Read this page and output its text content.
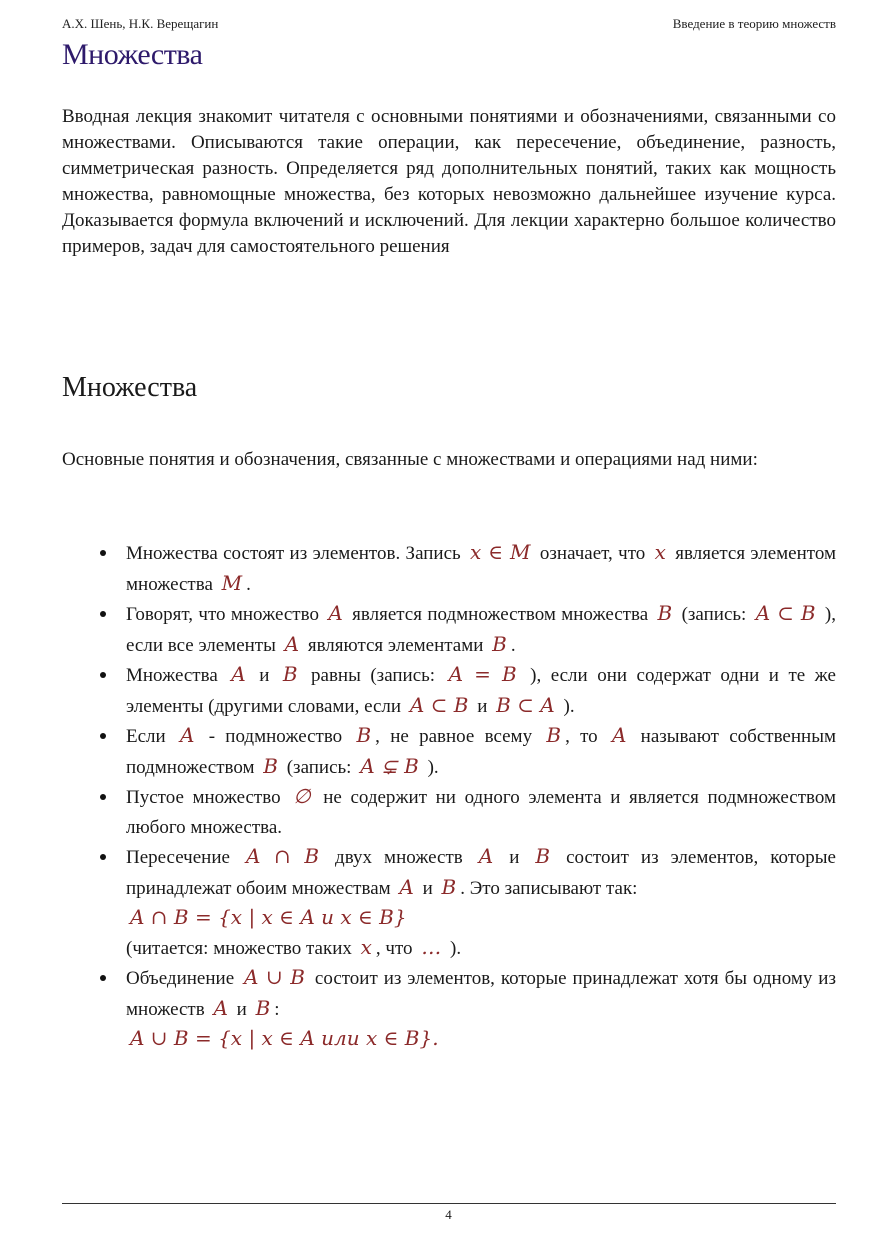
А.Х. Шень, Н.К. Верещагин	Введение в теорию множеств
Множества

Вводная лекция знакомит читателя с основными понятиями и обозначениями, связанными со множествами. Описываются такие операции, как пересечение, объединение, разность, симметрическая разность. Определяется ряд дополнительных понятий, таких как мощность множества, равномощные множества, без которых невозможно дальнейшее изучение курса. Доказывается формула включений и исключений. Для лекции характерно большое количество примеров, задач для самостоятельного решения

Множества

Основные понятия и обозначения, связанные с множествами и операциями над ними:

Множества состоят из элементов. Запись x ∈ M означает, что x является элементом множества M .
Говорят, что множество A является подмножеством множества B (запись: A ⊂ B ), если все элементы A являются элементами B .
Множества A и B равны (запись: A = B ), если они содержат одни и те же элементы (другими словами, если A ⊂ B и B ⊂ A ).
Если A - подмножество B , не равное всему B , то A называют собственным подмножеством B (запись: A ⊊ B ).
Пустое множество ∅ не содержит ни одного элемента и является подмножеством любого множества.
Пересечение A ∩ B двух множеств A и B состоит из элементов, которые принадлежат обоим множествам A и B . Это записывают так:
A ∩ B = {x | x ∈ A и x ∈ B}
(читается: множество таких x , что … ).
Объединение A ∪ B состоит из элементов, которые принадлежат хотя бы одному из множеств A и B :
A ∪ B = {x | x ∈ A или x ∈ B}.
4
